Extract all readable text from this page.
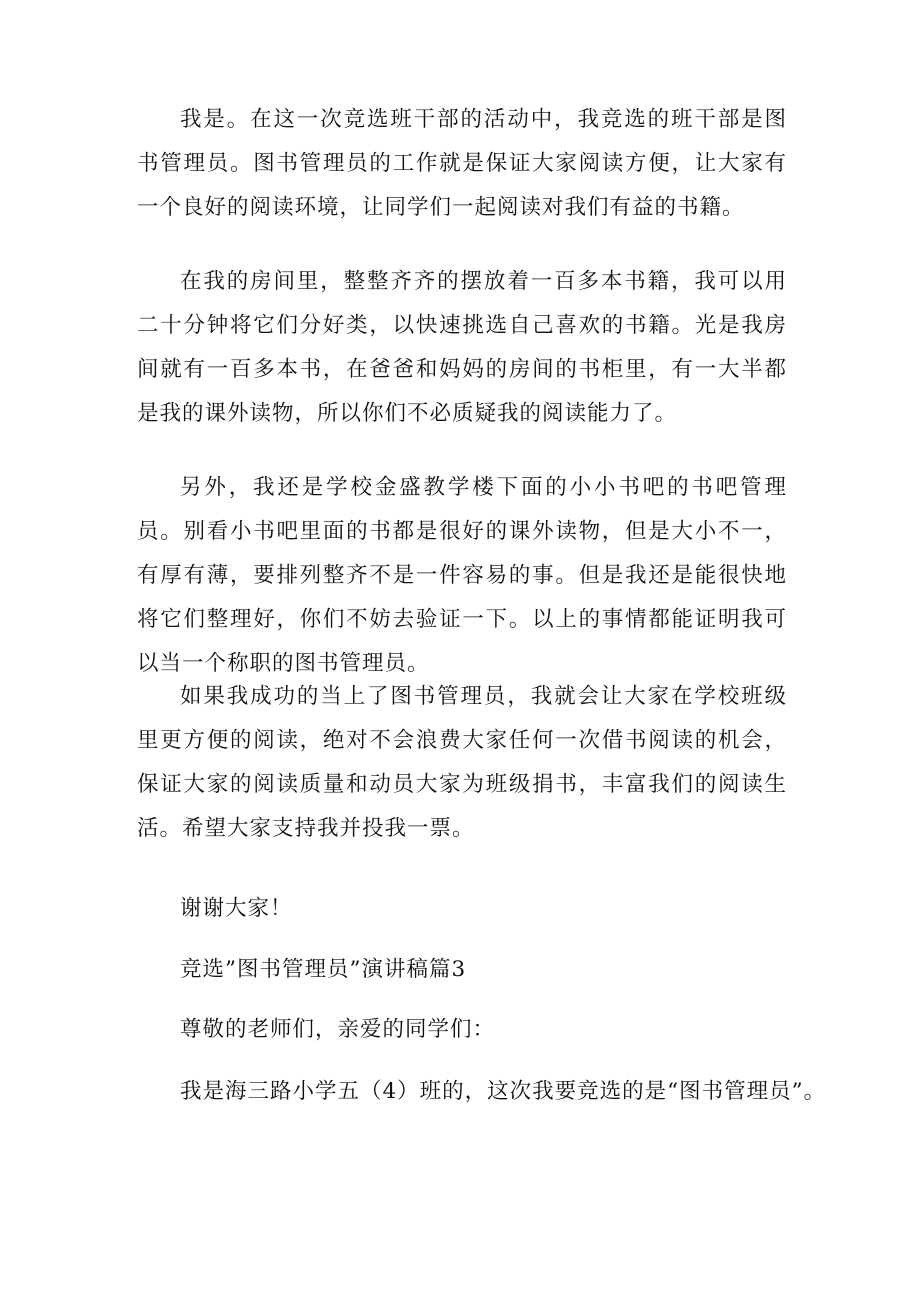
我是。在这一次竞选班干部的活动中，我竞选的班干部是图书管理员。图书管理员的工作就是保证大家阅读方便，让大家有一个良好的阅读环境，让同学们一起阅读对我们有益的书籍。

在我的房间里，整整齐齐的摆放着一百多本书籍，我可以用二十分钟将它们分好类，以快速挑选自己喜欢的书籍。光是我房间就有一百多本书，在爸爸和妈妈的房间的书柜里，有一大半都是我的课外读物，所以你们不必质疑我的阅读能力了。

另外，我还是学校金盛教学楼下面的小小书吧的书吧管理员。别看小书吧里面的书都是很好的课外读物，但是大小不一，有厚有薄，要排列整齐不是一件容易的事。但是我还是能很快地将它们整理好，你们不妨去验证一下。以上的事情都能证明我可以当一个称职的图书管理员。

如果我成功的当上了图书管理员，我就会让大家在学校班级里更方便的阅读，绝对不会浪费大家任何一次借书阅读的机会，保证大家的阅读质量和动员大家为班级捐书，丰富我们的阅读生活。希望大家支持我并投我一票。

谢谢大家！

竞选”图书管理员”演讲稿篇3

尊敬的老师们，亲爱的同学们：

我是海三路小学五（4）班的，这次我要竞选的是“图书管理员”。
